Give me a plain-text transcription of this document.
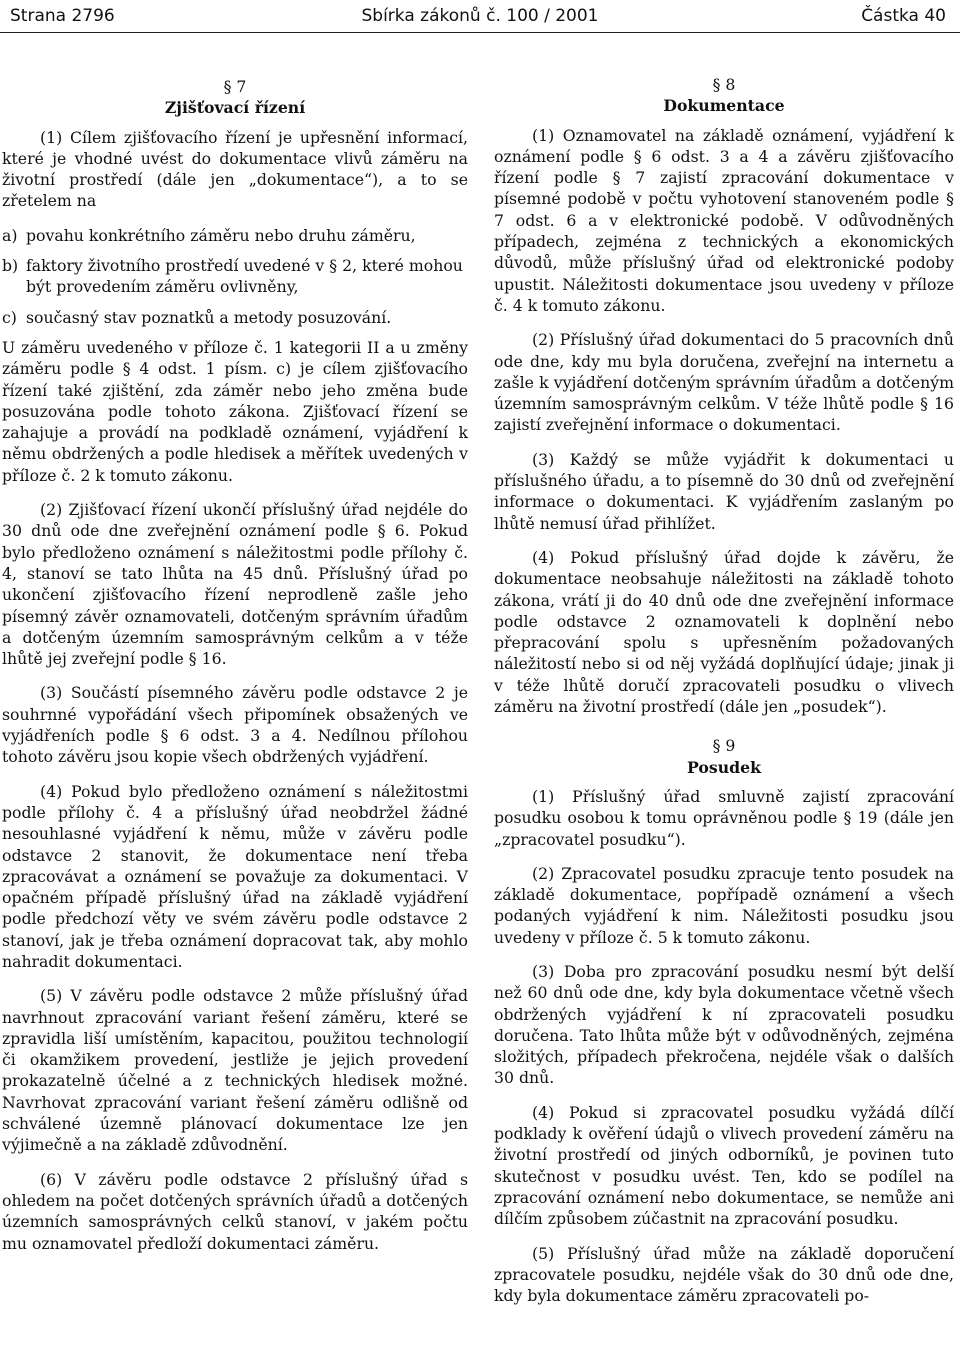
Strana 2796	Sbírka zákonů č. 100 / 2001	Částka 40
§ 7
Zjišťovací řízení

(1) Cílem zjišťovacího řízení je upřesnění informací, které je vhodné uvést do dokumentace vlivů záměru na životní prostředí (dále jen „dokumentace“), a to se zřetelem na

a) povahu konkrétního záměru nebo druhu záměru,
b) faktory životního prostředí uvedené v § 2, které mohou být provedením záměru ovlivněny,
c) současný stav poznatků a metody posuzování.

U záměru uvedeného v příloze č. 1 kategorii II a u změny záměru podle § 4 odst. 1 písm. c) je cílem zjišťovacího řízení také zjištění, zda záměr nebo jeho změna bude posuzována podle tohoto zákona. Zjišťovací řízení se zahajuje a provádí na podkladě oznámení, vyjádření k němu obdržených a podle hledisek a měřítek uvedených v příloze č. 2 k tomuto zákonu.

(2) Zjišťovací řízení ukončí příslušný úřad nejdéle do 30 dnů ode dne zveřejnění oznámení podle § 6. Pokud bylo předloženo oznámení s náležitostmi podle přílohy č. 4, stanoví se tato lhůta na 45 dnů. Příslušný úřad po ukončení zjišťovacího řízení neprodleně zašle jeho písemný závěr oznamovateli, dotčeným správním úřadům a dotčeným územním samosprávným celkům a v téže lhůtě jej zveřejní podle § 16.

(3) Součástí písemného závěru podle odstavce 2 je souhrnné vypořádání všech připomínek obsažených ve vyjádřeních podle § 6 odst. 3 a 4. Nedílnou přílohou tohoto závěru jsou kopie všech obdržených vyjádření.

(4) Pokud bylo předloženo oznámení s náležitostmi podle přílohy č. 4 a příslušný úřad neobdržel žádné nesouhlasné vyjádření k němu, může v závěru podle odstavce 2 stanovit, že dokumentace není třeba zpracovávat a oznámení se považuje za dokumentaci. V opačném případě příslušný úřad na základě vyjádření podle předchozí věty ve svém závěru podle odstavce 2 stanoví, jak je třeba oznámení dopracovat tak, aby mohlo nahradit dokumentaci.

(5) V závěru podle odstavce 2 může příslušný úřad navrhnout zpracování variant řešení záměru, které se zpravidla liší umístěním, kapacitou, použitou technologií či okamžikem provedení, jestliže je jejich provedení prokazatelně účelné a z technických hledisek možné. Navrhovat zpracování variant řešení záměru odlišně od schválené územně plánovací dokumentace lze jen výjimečně a na základě zdůvodnění.

(6) V závěru podle odstavce 2 příslušný úřad s ohledem na počet dotčených správních úřadů a dotčených územních samosprávných celků stanoví, v jakém počtu mu oznamovatel předloží dokumentaci záměru.

§ 8
Dokumentace

(1) Oznamovatel na základě oznámení, vyjádření k oznámení podle § 6 odst. 3 a 4 a závěru zjišťovacího řízení podle § 7 zajistí zpracování dokumentace v písemné podobě v počtu vyhotovení stanoveném podle § 7 odst. 6 a v elektronické podobě. V odůvodněných případech, zejména z technických a ekonomických důvodů, může příslušný úřad od elektronické podoby upustit. Náležitosti dokumentace jsou uvedeny v příloze č. 4 k tomuto zákonu.

(2) Příslušný úřad dokumentaci do 5 pracovních dnů ode dne, kdy mu byla doručena, zveřejní na internetu a zašle k vyjádření dotčeným správním úřadům a dotčeným územním samosprávným celkům. V téže lhůtě podle § 16 zajistí zveřejnění informace o dokumentaci.

(3) Každý se může vyjádřit k dokumentaci u příslušného úřadu, a to písemně do 30 dnů od zveřejnění informace o dokumentaci. K vyjádřením zaslaným po lhůtě nemusí úřad přihlížet.

(4) Pokud příslušný úřad dojde k závěru, že dokumentace neobsahuje náležitosti na základě tohoto zákona, vrátí ji do 40 dnů ode dne zveřejnění informace podle odstavce 2 oznamovateli k doplnění nebo přepracování spolu s upřesněním požadovaných náležitostí nebo si od něj vyžádá doplňující údaje; jinak ji v téže lhůtě doručí zpracovateli posudku o vlivech záměru na životní prostředí (dále jen „posudek“).

§ 9
Posudek

(1) Příslušný úřad smluvně zajistí zpracování posudku osobou k tomu oprávněnou podle § 19 (dále jen „zpracovatel posudku“).

(2) Zpracovatel posudku zpracuje tento posudek na základě dokumentace, popřípadě oznámení a všech podaných vyjádření k nim. Náležitosti posudku jsou uvedeny v příloze č. 5 k tomuto zákonu.

(3) Doba pro zpracování posudku nesmí být delší než 60 dnů ode dne, kdy byla dokumentace včetně všech obdržených vyjádření k ní zpracovateli posudku doručena. Tato lhůta může být v odůvodněných, zejména složitých, případech překročena, nejdéle však o dalších 30 dnů.

(4) Pokud si zpracovatel posudku vyžádá dílčí podklady k ověření údajů o vlivech provedení záměru na životní prostředí od jiných odborníků, je povinen tuto skutečnost v posudku uvést. Ten, kdo se podílel na zpracování oznámení nebo dokumentace, se nemůže ani dílčím způsobem zúčastnit na zpracování posudku.

(5) Příslušný úřad může na základě doporučení zpracovatele posudku, nejdéle však do 30 dnů ode dne, kdy byla dokumentace záměru zpracovateli po-
